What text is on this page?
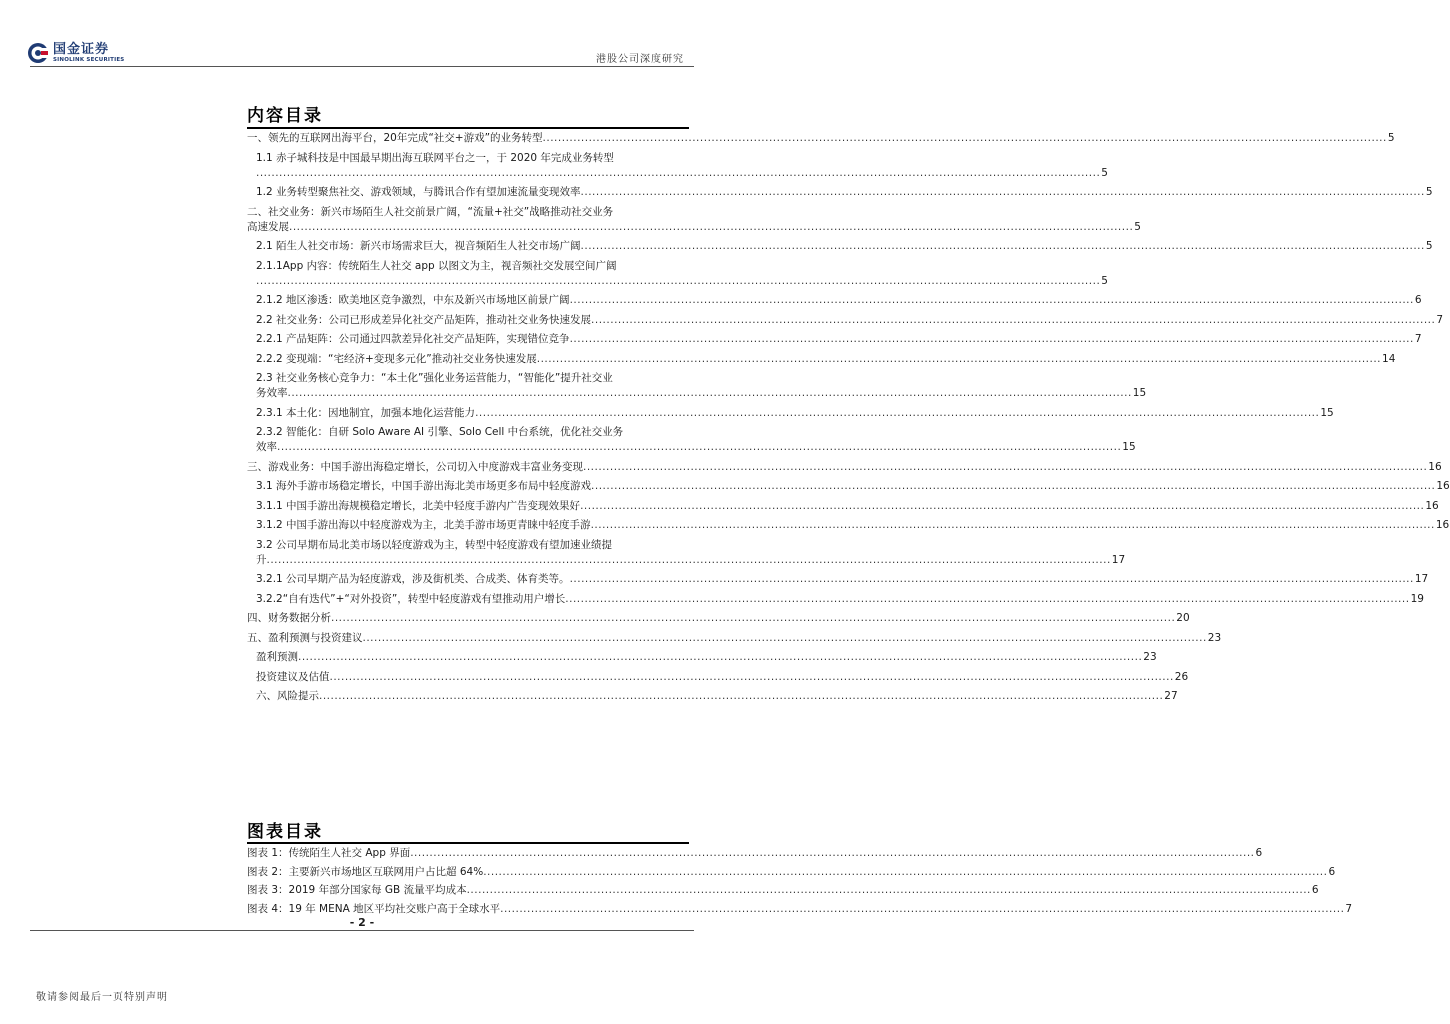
国金证券
SINOLINK SECURITIES	港股公司深度研究
内容目录
一、领先的互联网出海平台，20年完成“社交+游戏”的业务转型 ............................................................................................................................................................................................................................ 5
1.1 赤子城科技是中国最早期出海互联网平台之一，于 2020 年完成业务转型
............................................................................................................................................................................................................................ 5
1.2 业务转型聚焦社交、游戏领域，与腾讯合作有望加速流量变现效率 ............................................................................................................................................................................................................................ 5
二、社交业务：新兴市场陌生人社交前景广阔，“流量+社交”战略推动社交业务
高速发展 ............................................................................................................................................................................................................................ 5
2.1 陌生人社交市场：新兴市场需求巨大，视音频陌生人社交市场广阔 ............................................................................................................................................................................................................................ 5
2.1.1App 内容：传统陌生人社交 app 以图文为主，视音频社交发展空间广阔
............................................................................................................................................................................................................................ 5
2.1.2 地区渗透：欧美地区竞争激烈，中东及新兴市场地区前景广阔 ............................................................................................................................................................................................................................ 6
2.2 社交业务：公司已形成差异化社交产品矩阵，推动社交业务快速发展 ............................................................................................................................................................................................................................ 7
2.2.1 产品矩阵：公司通过四款差异化社交产品矩阵，实现错位竞争 ............................................................................................................................................................................................................................ 7
2.2.2 变现端：“宅经济+变现多元化”推动社交业务快速发展 ............................................................................................................................................................................................................................ 14
2.3 社交业务核心竞争力：“本土化”强化业务运营能力，“智能化”提升社交业
务效率 ............................................................................................................................................................................................................................ 15
2.3.1 本土化：因地制宜，加强本地化运营能力 ............................................................................................................................................................................................................................ 15
2.3.2 智能化：自研 Solo Aware AI 引擎、Solo Cell 中台系统，优化社交业务
效率 ............................................................................................................................................................................................................................ 15
三、游戏业务：中国手游出海稳定增长，公司切入中度游戏丰富业务变现 ............................................................................................................................................................................................................................ 16
3.1 海外手游市场稳定增长，中国手游出海北美市场更多布局中轻度游戏 ............................................................................................................................................................................................................................ 16
3.1.1 中国手游出海规模稳定增长，北美中轻度手游内广告变现效果好 ............................................................................................................................................................................................................................ 16
3.1.2 中国手游出海以中轻度游戏为主，北美手游市场更青睐中轻度手游 ............................................................................................................................................................................................................................ 16
3.2 公司早期布局北美市场以轻度游戏为主，转型中轻度游戏有望加速业绩提
升 ............................................................................................................................................................................................................................ 17
3.2.1 公司早期产品为轻度游戏，涉及街机类、合成类、体育类等。 ............................................................................................................................................................................................................................ 17
3.2.2“自有迭代”+“对外投资”，转型中轻度游戏有望推动用户增长 ............................................................................................................................................................................................................................ 19
四、财务数据分析 ............................................................................................................................................................................................................................ 20
五、盈利预测与投资建议 ............................................................................................................................................................................................................................ 23
盈利预测 ............................................................................................................................................................................................................................ 23
投资建议及估值 ............................................................................................................................................................................................................................ 26
六、风险提示 ............................................................................................................................................................................................................................ 27
图表目录
图表 1：传统陌生人社交 App 界面 ............................................................................................................................................................................................................................ 6
图表 2：主要新兴市场地区互联网用户占比超 64% ............................................................................................................................................................................................................................ 6
图表 3：2019 年部分国家每 GB 流量平均成本 ............................................................................................................................................................................................................................ 6
图表 4：19 年 MENA 地区平均社交账户高于全球水平 ............................................................................................................................................................................................................................ 7
- 2 -
敬请参阅最后一页特别声明
